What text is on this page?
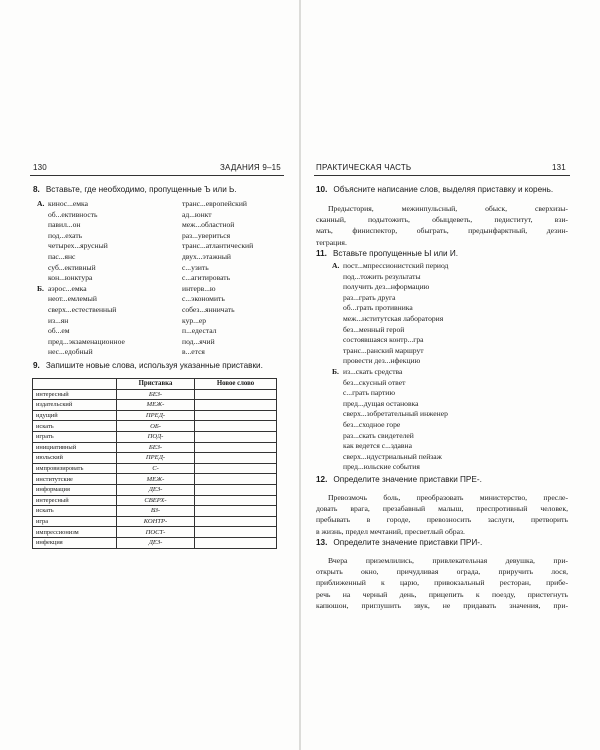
130	ЗАДАНИЯ 9–15
8. Вставьте, где необходимо, пропущенные Ъ или Ь.
А. кинос...емка
об...ективность
павил...он
под...ехать
четырех...ярусный
пас...янс
суб...ективный
кон...юнктура
Б. аэрос...емка
неот...емлемый
сверх...естественный
из...ян
об...ем
пред...экзаменационное
нес...едобный
транс...европейский
ад...юнкт
меж...областной
раз...увериться
транс...атлантический
двух...этажный
с...узить
с...агитировать
интерв...ю
с...экономить
собез...янничать
кур...ер
п...едестал
под...ячий
в...ется
9. Запишите новые слова, используя указанные приставки.
	Приставка	Новое слово
интересный	БЕЗ-	
издательский	МЕЖ-	
идущий	ПРЕД-	
искать	ОБ-	
играть	ПОД-	
инициативный	БЕЗ-	
июльский	ПРЕД-	
импровизировать	С-	
институтские	МЕЖ-	
информация	ДЕЗ-	
интересный	СВЕРХ-	
искать	ВЗ-	
игра	КОНТР-	
импрессионизм	ПОСТ-	
инфекция	ДЕЗ-	
ПРАКТИЧЕСКАЯ ЧАСТЬ	131
10. Объясните написание слов, выделяя приставку и корень.
Предыстория, межинпульсный, обыск, сверхизы-
сканный, подытожить, обыцдеветь, педиститут, взи-
мать, финиспектор, обыграть, предынфарктный, дезин-
тегрaция.
11. Вставьте пропущенные Ы или И.
А. пост...мпрессионистский период
под...тожить результаты
получить дез...нформацию
раз...грать друга
об...грать противника
меж...нститутская лаборатория
без...менный герой
состоявшаяся контр...гра
транс...ранский маршрут
провести дез...нфекцию
Б. из...скать средства
без...скусный ответ
с...грать партию
пред...дущая остановка
сверх...зобретательный инженер
без...сходное горе
раз...скать свидетелей
как ведется с...здавна
сверх...ндустриальный пейзаж
пред...юльские события
12. Определите значение приставки ПРЕ-.
Превозмочь боль, преобразовать министерство, преcле-
довать врага, презабавный малыш, преcпротивный человек,
пребывать в городе, превозносить заслуги, претворить
в жизнь, предел мечтаний, пресветлый образ.
13. Определите значение приставки ПРИ-.
Вчера приземлились, привлекательная девушка, при-
открыть окно, причудливая ограда, приручить лося,
приближенный к царю, привокзальный ресторан, прибе-
речь на черный день, прицепить к поезду, пристегнуть
капюшон, приглушить звук, не придавать значения, при-
